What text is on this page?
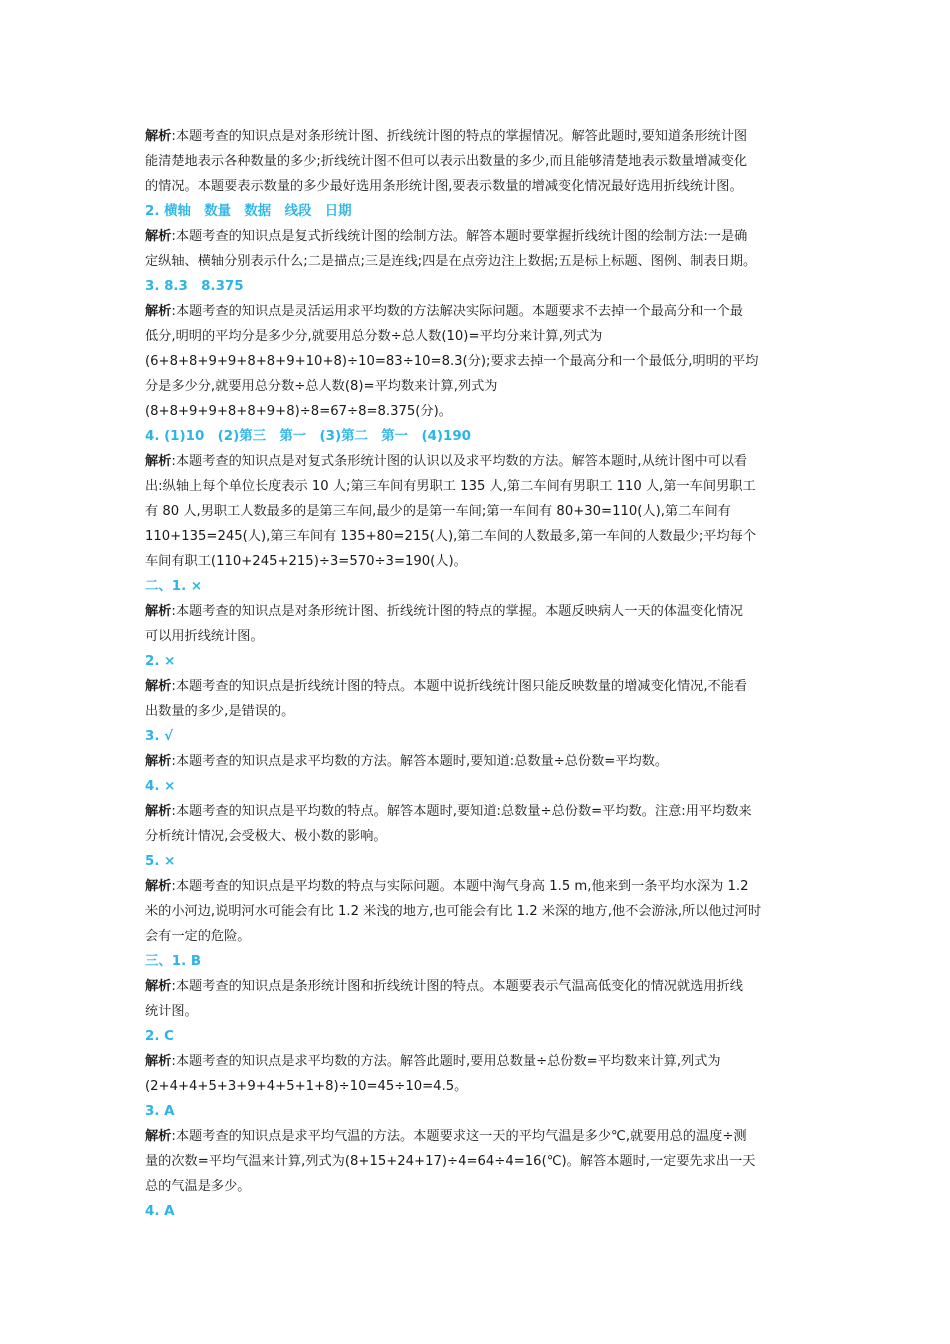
解析:本题考查的知识点是对条形统计图、折线统计图的特点的掌握情况。解答此题时,要知道条形统计图
能清楚地表示各种数量的多少;折线统计图不但可以表示出数量的多少,而且能够清楚地表示数量增减变化
的情况。本题要表示数量的多少最好选用条形统计图,要表示数量的增减变化情况最好选用折线统计图。
2. 横轴　数量　数据　线段　日期
解析:本题考查的知识点是复式折线统计图的绘制方法。解答本题时要掌握折线统计图的绘制方法:一是确
定纵轴、横轴分别表示什么;二是描点;三是连线;四是在点旁边注上数据;五是标上标题、图例、制表日期。
3. 8.3　8.375
解析:本题考查的知识点是灵活运用求平均数的方法解决实际问题。本题要求不去掉一个最高分和一个最
低分,明明的平均分是多少分,就要用总分数÷总人数(10)=平均分来计算,列式为
(6+8+8+9+9+8+8+9+10+8)÷10=83÷10=8.3(分);要求去掉一个最高分和一个最低分,明明的平均
分是多少分,就要用总分数÷总人数(8)=平均数来计算,列式为
(8+8+9+9+8+8+9+8)÷8=67÷8=8.375(分)。
4. (1)10　(2)第三　第一　(3)第二　第一　(4)190
解析:本题考查的知识点是对复式条形统计图的认识以及求平均数的方法。解答本题时,从统计图中可以看
出:纵轴上每个单位长度表示 10 人;第三车间有男职工 135 人,第二车间有男职工 110 人,第一车间男职工
有 80 人,男职工人数最多的是第三车间,最少的是第一车间;第一车间有 80+30=110(人),第二车间有
110+135=245(人),第三车间有 135+80=215(人),第二车间的人数最多,第一车间的人数最少;平均每个
车间有职工(110+245+215)÷3=570÷3=190(人)。
二、1. ×
解析:本题考查的知识点是对条形统计图、折线统计图的特点的掌握。本题反映病人一天的体温变化情况
可以用折线统计图。
2. ×
解析:本题考查的知识点是折线统计图的特点。本题中说折线统计图只能反映数量的增减变化情况,不能看
出数量的多少,是错误的。
3. √
解析:本题考查的知识点是求平均数的方法。解答本题时,要知道:总数量÷总份数=平均数。
4. ×
解析:本题考查的知识点是平均数的特点。解答本题时,要知道:总数量÷总份数=平均数。注意:用平均数来
分析统计情况,会受极大、极小数的影响。
5. ×
解析:本题考查的知识点是平均数的特点与实际问题。本题中淘气身高 1.5 m,他来到一条平均水深为 1.2
米的小河边,说明河水可能会有比 1.2 米浅的地方,也可能会有比 1.2 米深的地方,他不会游泳,所以他过河时
会有一定的危险。
三、1. B
解析:本题考查的知识点是条形统计图和折线统计图的特点。本题要表示气温高低变化的情况就选用折线
统计图。
2. C
解析:本题考查的知识点是求平均数的方法。解答此题时,要用总数量÷总份数=平均数来计算,列式为
(2+4+4+5+3+9+4+5+1+8)÷10=45÷10=4.5。
3. A
解析:本题考查的知识点是求平均气温的方法。本题要求这一天的平均气温是多少℃,就要用总的温度÷测
量的次数=平均气温来计算,列式为(8+15+24+17)÷4=64÷4=16(℃)。解答本题时,一定要先求出一天
总的气温是多少。
4. A
